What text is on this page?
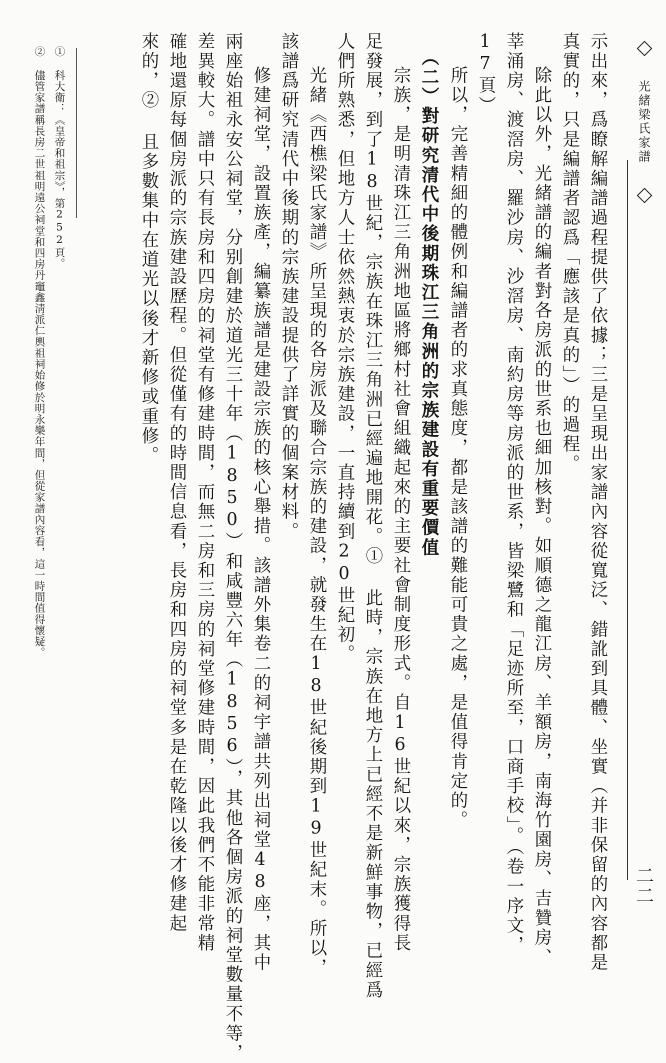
光緒梁氏家譜
二二
示出來，爲瞭解編譜過程提供了依據；三是呈現出家譜內容從寬泛、錯訛到具體、坐實（并非保留的內容都是
真實的，只是編譜者認爲「應該是真的」）的過程。
除此以外，光緒譜的編者對各房派的世系也細加核對。如順德之龍江房、羊額房，南海竹園房、吉贊房、
莘涌房、渡滘房、羅沙房、沙滘房、南約房等房派的世系，皆梁鷺和「足迹所至，口商手校」。（卷一序文，
17頁）
所以，完善精細的體例和編譜者的求真態度，都是該譜的難能可貴之處，是值得肯定的。
（二）對研究清代中後期珠江三角洲的宗族建設有重要價值
宗族，是明清珠江三角洲地區將鄉村社會組織起來的主要社會制度形式。自16世紀以來，宗族獲得長
足發展，到了18世紀，宗族在珠江三角洲已經遍地開花。① 此時，宗族在地方上已經不是新鮮事物，已經爲
人們所熟悉，但地方人士依然熱衷於宗族建設，一直持續到20世紀初。
光緒《西樵梁氏家譜》所呈現的各房派及聯合宗族的建設，就發生在18世紀後期到19世紀末。所以，
該譜爲研究清代中後期的宗族建設提供了詳實的個案材料。
修建祠堂，設置族產，編纂族譜是建設宗族的核心舉措。該譜外集卷二的祠宇譜共列出祠堂48座，其中
兩座始祖永安公祠堂，分别創建於道光三十年（1850）和咸豐六年（1856），其他各個房派的祠堂數量不等，
差異較大。譜中只有長房和四房的祠堂有修建時間，而無二房和三房的祠堂修建時間，因此我們不能非常精
確地還原每個房派的宗族建設歷程。但從僅有的時間信息看，長房和四房的祠堂多是在乾隆以後才修建起
來的，② 且多數集中在道光以後才新修或重修。
① 科大衛：《皇帝和祖宗》，第252頁。
② 儘管家譜稱長房二世祖明遠公祠堂和四房丹竈鑫淸派仁輿祖祠始修於明永樂年間，但從家譜內容看，這一時間值得懷疑。
